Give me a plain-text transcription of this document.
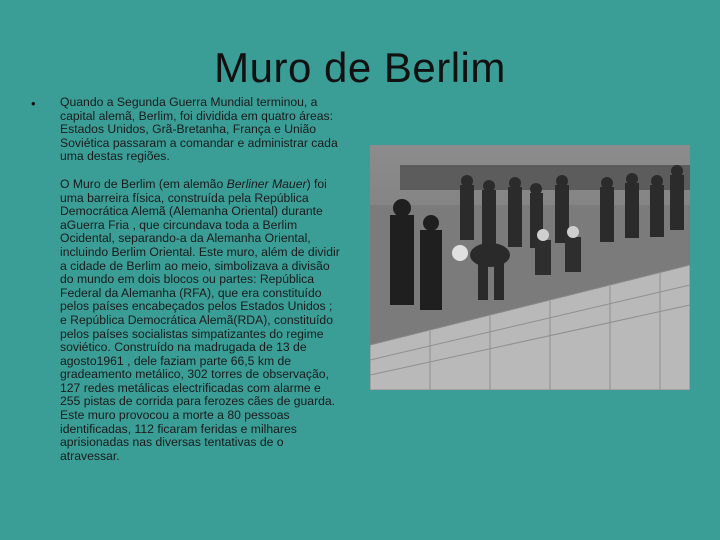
Muro de Berlim
• Quando a Segunda Guerra Mundial terminou, a capital alemã, Berlim, foi dividida em quatro áreas: Estados Unidos, Grã-Bretanha, França e União Soviética passaram a comandar e administrar cada uma destas regiões.

O Muro de Berlim (em alemão Berliner Mauer) foi uma barreira física, construída pela República Democrática Alemã (Alemanha Oriental) durante aGuerra Fria , que circundava toda a Berlim Ocidental, separando-a da Alemanha Oriental, incluindo Berlim Oriental. Este muro, além de dividir a cidade de Berlim ao meio, simbolizava a divisão do mundo em dois blocos ou partes: República Federal da Alemanha (RFA), que era constituído pelos países encabeçados pelos Estados Unidos ; e República Democrática Alemã(RDA), constituído pelos países socialistas simpatizantes do regime soviético. Construído na madrugada de 13 de agosto1961 , dele faziam parte 66,5 km de gradeamento metálico, 302 torres de observação, 127 redes metálicas electrificadas com alarme e 255 pistas de corrida para ferozes cães de guarda. Este muro provocou a morte a 80 pessoas identificadas, 112 ficaram feridas e milhares aprisionadas nas diversas tentativas de o atravessar.
